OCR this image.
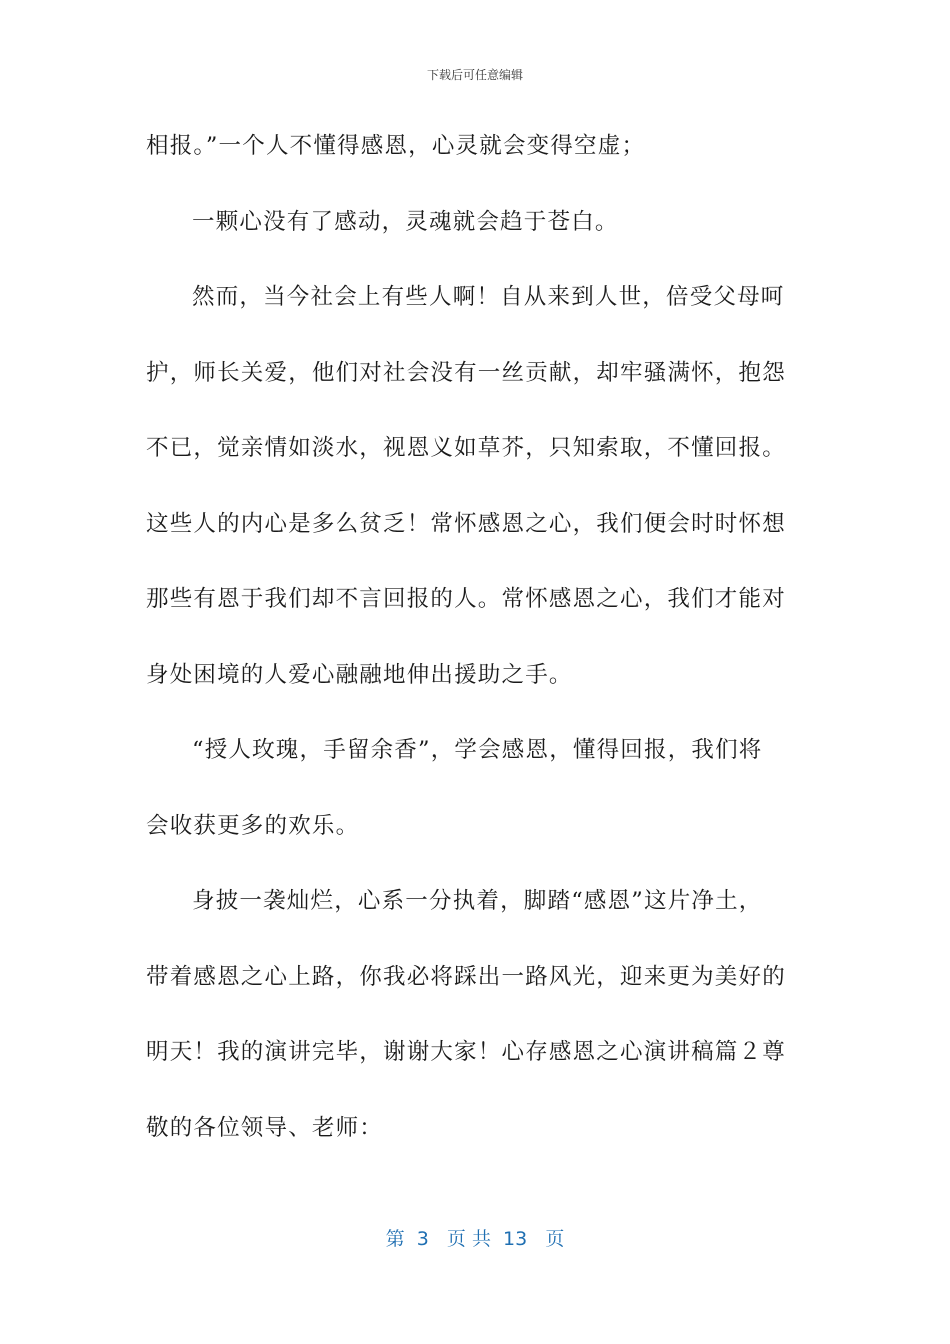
下载后可任意编辑
相报。”一个人不懂得感恩，心灵就会变得空虚；
一颗心没有了感动，灵魂就会趋于苍白。
然而，当今社会上有些人啊！自从来到人世，倍受父母呵
护，师长关爱，他们对社会没有一丝贡献，却牢骚满怀，抱怨
不已，觉亲情如淡水，视恩义如草芥，只知索取，不懂回报。
这些人的内心是多么贫乏！常怀感恩之心，我们便会时时怀想
那些有恩于我们却不言回报的人。常怀感恩之心，我们才能对
身处困境的人爱心融融地伸出援助之手。
“授人玫瑰，手留余香”，学会感恩，懂得回报，我们将
会收获更多的欢乐。
身披一袭灿烂，心系一分执着，脚踏“感恩”这片净土，
带着感恩之心上路，你我必将踩出一路风光，迎来更为美好的
明天！我的演讲完毕，谢谢大家！心存感恩之心演讲稿篇２尊
敬的各位领导、老师：
第  3   页 共  13   页
